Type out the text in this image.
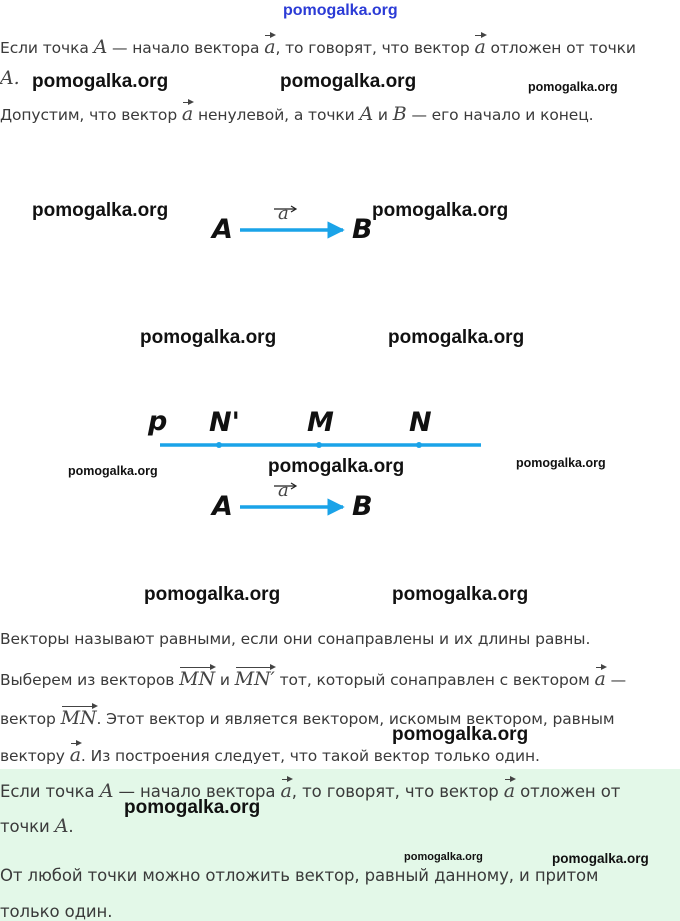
pomogalka.org
Если точка A — начало вектора a, то говорят, что вектор a отложен от точки
A.
Допустим, что вектор a ненулевой, а точки A и B — его начало и конец.
A	B
a
p N' M	N
A	B
a
Векторы называют равными, если они сонаправлены и их длины равны.
Выберем из векторов MN и MN′ тот, который сонаправлен с вектором a —
вектор MN. Этот вектор и является вектором, искомым вектором, равным
вектору a. Из построения следует, что такой вектор только один.
Если точка A — начало вектора a, то говорят, что вектор a отложен от
точки A.
От любой точки можно отложить вектор, равный данному, и притом
только один.
pomogalka.org	pomogalka.org	pomogalka.org
pomogalka.org	pomogalka.org
pomogalka.org	pomogalka.org
pomogalka.org	pomogalka.org	pomogalka.org
pomogalka.org	pomogalka.org
pomogalka.org
pomogalka.org
pomogalka.org	pomogalka.org
